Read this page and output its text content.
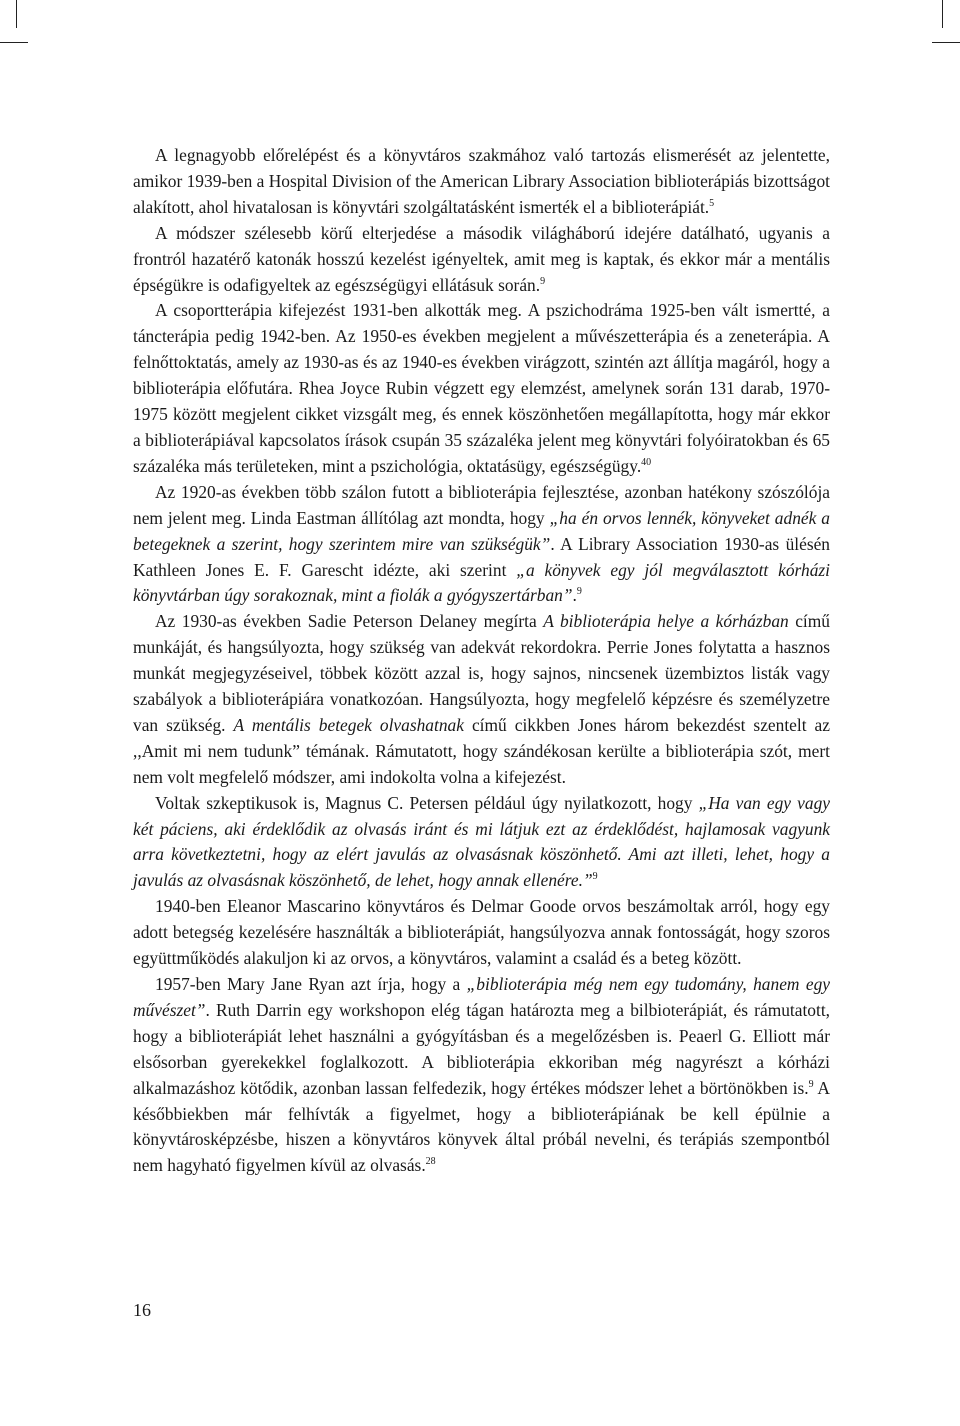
A legnagyobb előrelépést és a könyvtáros szakmához való tartozás elismerését az jelentette, amikor 1939-ben a Hospital Division of the American Library Association biblioterápiás bizottságot alakított, ahol hivatalosan is könyvtári szolgáltatásként ismerték el a biblioterápiát.$^5$

A módszer szélesebb körű elterjedése a második világháború idejére datálható, ugyanis a frontról hazatérő katonák hosszú kezelést igényeltek, amit meg is kaptak, és ekkor már a mentális épségükre is odafigyeltek az egészségügyi ellátásuk során.$^9$

A csoportterápia kifejezést 1931-ben alkották meg. A pszichodráma 1925-ben vált ismertté, a táncterápia pedig 1942-ben. Az 1950-es években megjelent a művészetterápia és a zeneterápia. A felnőttoktatás, amely az 1930-as és az 1940-es években virágzott, szintén azt állítja magáról, hogy a biblioterápia előfutára. Rhea Joyce Rubin végzett egy elemzést, amelynek során 131 darab, 1970-1975 között megjelent cikket vizsgált meg, és ennek köszönhetően megállapította, hogy már ekkor a biblioterápiával kapcsolatos írások csupán 35 százaléka jelent meg könyvtári folyóiratokban és 65 százaléka más területeken, mint a pszichológia, oktatásügy, egészségügy.$^{40}$

Az 1920-as években több szálon futott a biblioterápia fejlesztése, azonban hatékony szószólója nem jelent meg. Linda Eastman állítólag azt mondta, hogy „ha én orvos lennék, könyveket adnék a betegeknek a szerint, hogy szerintem mire van szükségük”. A Library Association 1930-as ülésén Kathleen Jones E. F. Garescht idézte, aki szerint „a könyvek egy jól megválasztott kórházi könyvtárban úgy sorakoznak, mint a fiolák a gyógyszertárban”.$^9$

Az 1930-as években Sadie Peterson Delaney megírta A biblioterápia helye a kórházban című munkáját, és hangsúlyozta, hogy szükség van adekvát rekordokra. Perrie Jones folytatta a hasznos munkát megjegyzéseivel, többek között azzal is, hogy sajnos, nincsenek üzembiztos listák vagy szabályok a biblioterápiára vonatkozóan. Hangsúlyozta, hogy megfelelő képzésre és személyzetre van szükség. A mentális betegek olvashatnak című cikkben Jones három bekezdést szentelt az ,,Amit mi nem tudunk” témának. Rámutatott, hogy szándékosan kerülte a biblioterápia szót, mert nem volt megfelelő módszer, ami indokolta volna a kifejezést.

Voltak szkeptikusok is, Magnus C. Petersen például úgy nyilatkozott, hogy „Ha van egy vagy két páciens, aki érdeklődik az olvasás iránt és mi látjuk ezt az érdeklődést, hajlamosak vagyunk arra következtetni, hogy az elért javulás az olvasásnak köszönhető. Ami azt illeti, lehet, hogy a javulás az olvasásnak köszönhető, de lehet, hogy annak ellenére.”$^9$

1940-ben Eleanor Mascarino könyvtáros és Delmar Goode orvos beszámoltak arról, hogy egy adott betegség kezelésére használták a biblioterápiát, hangsúlyozva annak fontosságát, hogy szoros együttműködés alakuljon ki az orvos, a könyvtáros, valamint a család és a beteg között.

1957-ben Mary Jane Ryan azt írja, hogy a „biblioterápia még nem egy tudomány, hanem egy művészet”. Ruth Darrin egy workshopon elég tágan határozta meg a bilbioterápiát, és rámutatott, hogy a biblioterápiát lehet használni a gyógyításban és a megelőzésben is. Peaerl G. Elliott már elsősorban gyerekekkel foglalkozott. A biblioterápia ekkoriban még nagyrészt a kórházi alkalmazáshoz kötődik, azonban lassan felfedezik, hogy értékes módszer lehet a börtönökben is.$^9$ A későbbiekben már felhívták a figyelmet, hogy a biblioterápiának be kell épülnie a könyvtárosképzésbe, hiszen a könyvtáros könyvek által próbál nevelni, és terápiás szempontból nem hagyható figyelmen kívül az olvasás.$^{28}$

16
